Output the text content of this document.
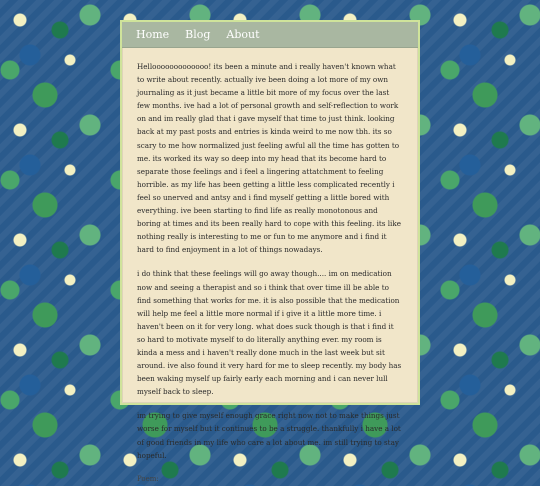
Home Blog About

Hellooooooooooooo! its been a minute and i really haven't known what to write about recently. actually ive been doing a lot more of my own journaling as it just became a little bit more of my focus over the last few months. ive had a lot of personal growth and self-reflection to work on and im really glad that i gave myself that time to just think. looking back at my past posts and entries is kinda weird to me now tbh. its so scary to me how normalized just feeling awful all the time has gotten to me. its worked its way so deep into my head that its become hard to separate those feelings and i feel a lingering attatchment to feeling horrible. as my life has been getting a little less complicated recently i feel so unerved and antsy and i find myself getting a little bored with everything. ive been starting to find life as really monotonous and boring at times and its been really hard to cope with this feeling. its like nothing really is interesting to me or fun to me anymore and i find it hard to find enjoyment in a lot of things nowadays.

i do think that these feelings will go away though.... im on medication now and seeing a therapist and so i think that over time ill be able to find something that works for me. it is also possible that the medication will help me feel a little more normal if i give it a little more time. i haven't been on it for very long. what does suck though is that i find it so hard to motivate myself to do literally anything ever. my room is kinda a mess and i haven't really done much in the last week but sit around. ive also found it very hard for me to sleep recently. my body has been waking myself up fairly early each morning and i can never lull myself back to sleep.

im trying to give myself enough grace right now not to make things just worse for myself but it continues to be a struggle. thankfully i have a lot of good friends in my life who care a lot about me. im still trying to stay hopeful.

Poem:
